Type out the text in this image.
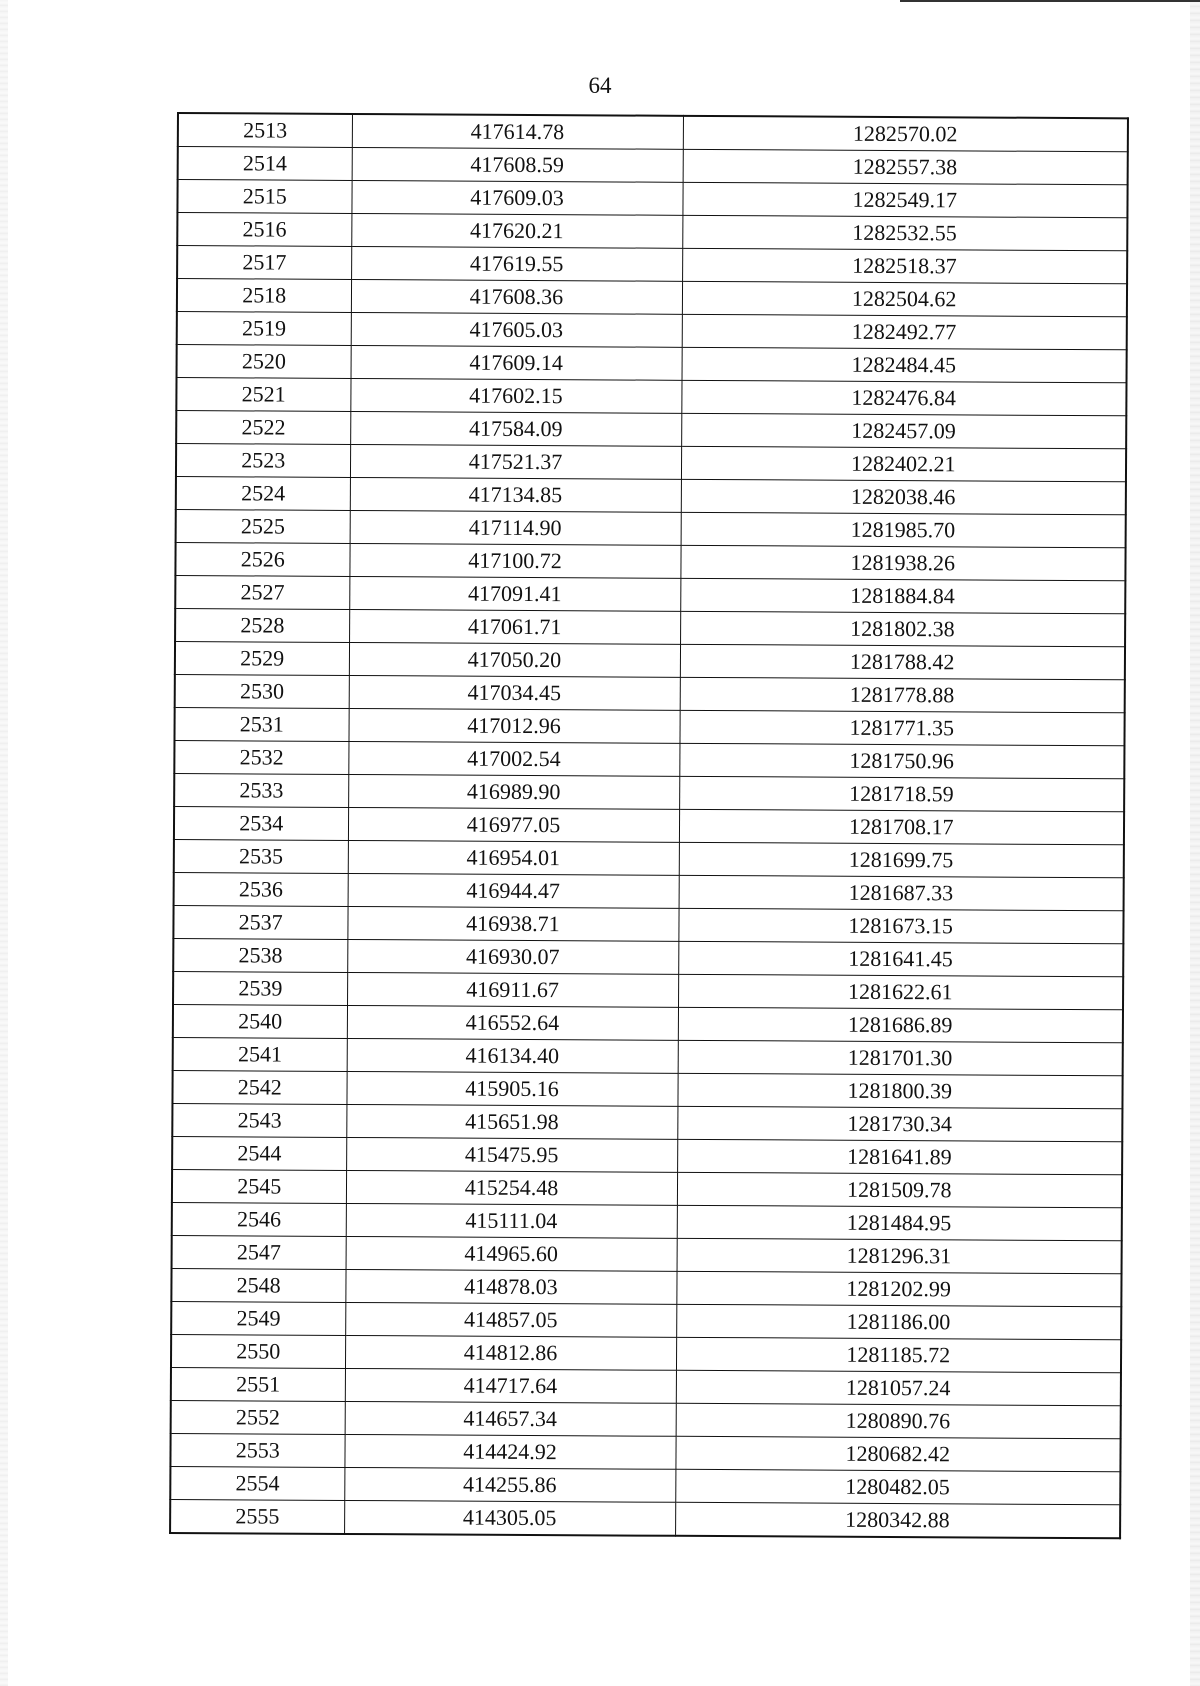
64
2513	417614.78	1282570.02
2514	417608.59	1282557.38
2515	417609.03	1282549.17
2516	417620.21	1282532.55
2517	417619.55	1282518.37
2518	417608.36	1282504.62
2519	417605.03	1282492.77
2520	417609.14	1282484.45
2521	417602.15	1282476.84
2522	417584.09	1282457.09
2523	417521.37	1282402.21
2524	417134.85	1282038.46
2525	417114.90	1281985.70
2526	417100.72	1281938.26
2527	417091.41	1281884.84
2528	417061.71	1281802.38
2529	417050.20	1281788.42
2530	417034.45	1281778.88
2531	417012.96	1281771.35
2532	417002.54	1281750.96
2533	416989.90	1281718.59
2534	416977.05	1281708.17
2535	416954.01	1281699.75
2536	416944.47	1281687.33
2537	416938.71	1281673.15
2538	416930.07	1281641.45
2539	416911.67	1281622.61
2540	416552.64	1281686.89
2541	416134.40	1281701.30
2542	415905.16	1281800.39
2543	415651.98	1281730.34
2544	415475.95	1281641.89
2545	415254.48	1281509.78
2546	415111.04	1281484.95
2547	414965.60	1281296.31
2548	414878.03	1281202.99
2549	414857.05	1281186.00
2550	414812.86	1281185.72
2551	414717.64	1281057.24
2552	414657.34	1280890.76
2553	414424.92	1280682.42
2554	414255.86	1280482.05
2555	414305.05	1280342.88
